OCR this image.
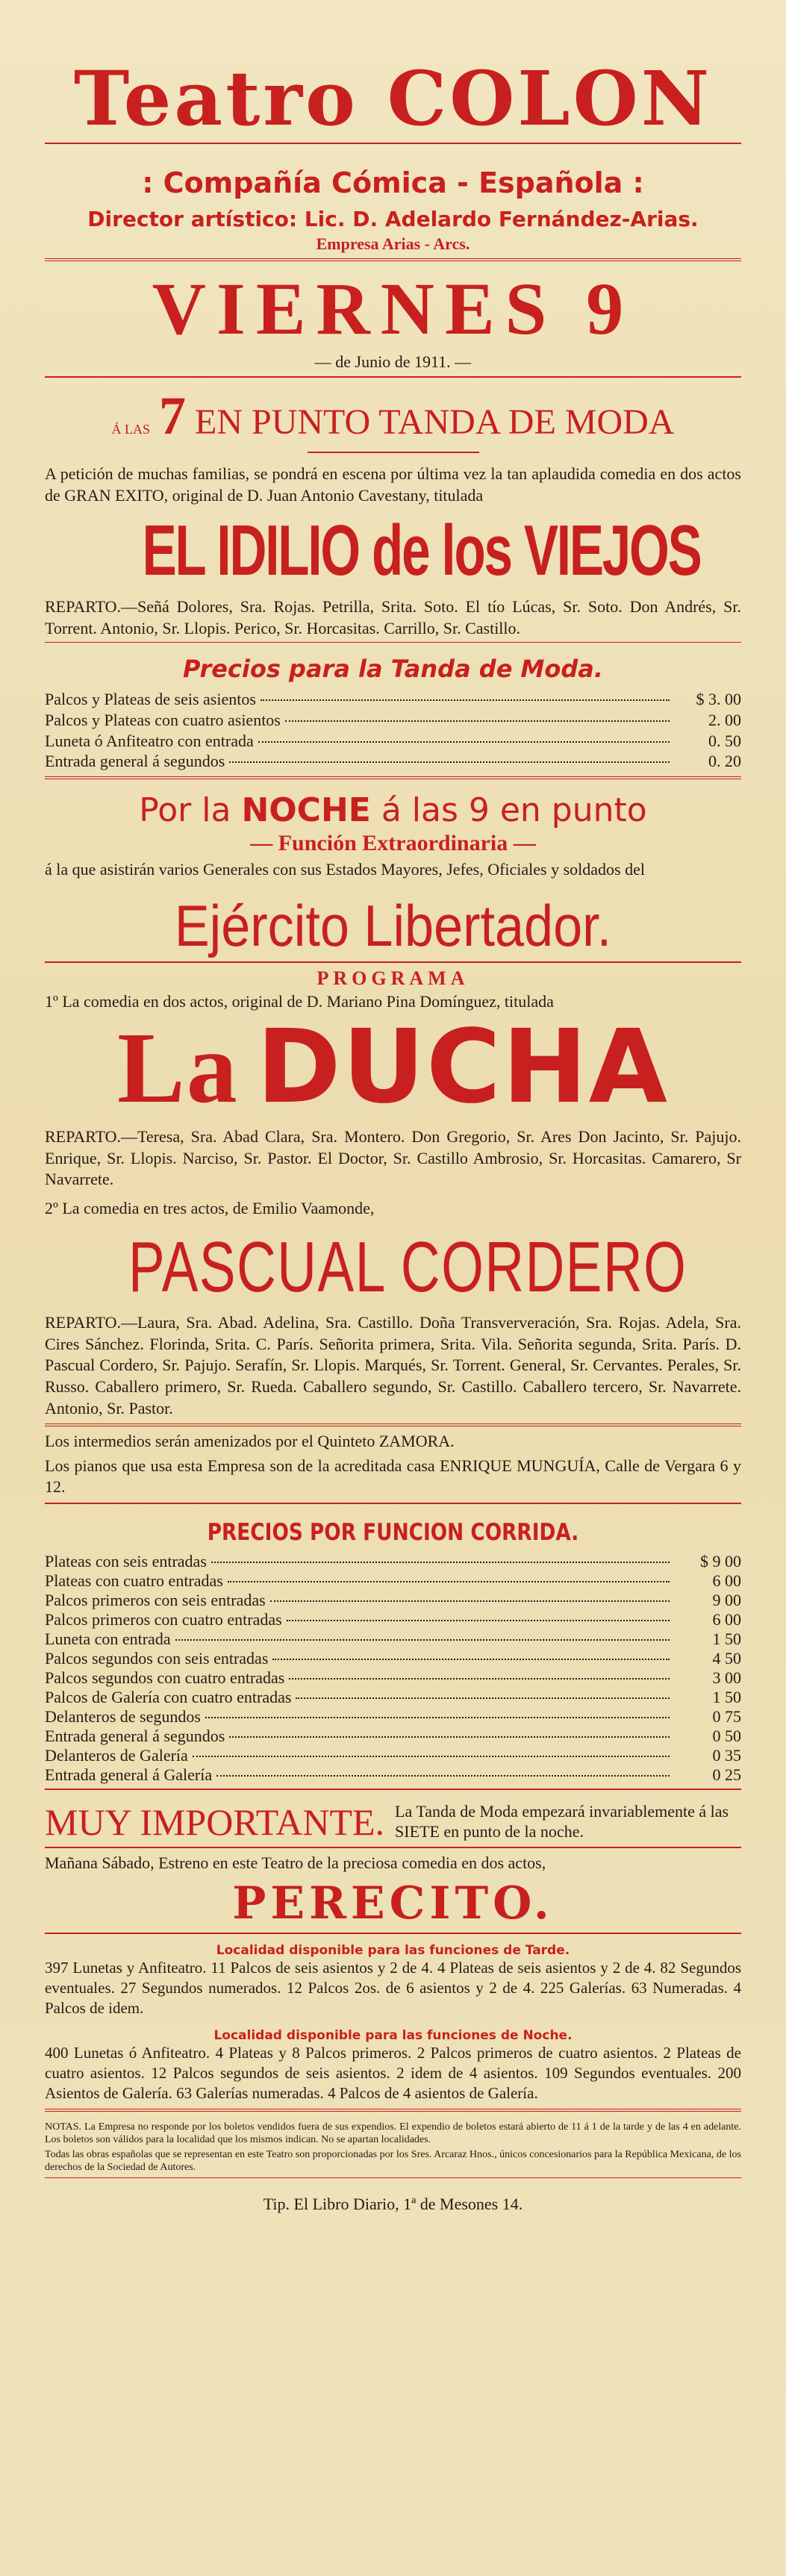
Teatro COLON
: Compañía Cómica - Española :
Director artístico: Lic. D. Adelardo Fernández-Arias.
Empresa Arias - Arcs.
VIERNES 9
— de Junio de 1911. —
Á LAS 7 EN PUNTO TANDA DE MODA
A petición de muchas familias, se pondrá en escena por última vez la tan aplaudida comedia en dos actos de GRAN EXITO, original de D. Juan Antonio Cavestany, titulada
EL IDILIO de los VIEJOS
REPARTO.—Señá Dolores, Sra. Rojas. Petrilla, Srita. Soto. El tío Lúcas, Sr. Soto. Don Andrés, Sr. Torrent. Antonio, Sr. Llopis. Perico, Sr. Horcasitas. Carrillo, Sr. Castillo.
Precios para la Tanda de Moda.
Palcos y Plateas de seis asientos	$ 3. 00
Palcos y Plateas con cuatro asientos	2. 00
Luneta ó Anfiteatro con entrada	0. 50
Entrada general á segundos	0. 20
Por la NOCHE á las 9 en punto
— Función Extraordinaria —
á la que asistirán varios Generales con sus Estados Mayores, Jefes, Oficiales y soldados del
Ejército Libertador.
PROGRAMA
1º La comedia en dos actos, original de D. Mariano Pina Domínguez, titulada
La DUCHA
REPARTO.—Teresa, Sra. Abad Clara, Sra. Montero. Don Gregorio, Sr. Ares Don Jacinto, Sr. Pajujo. Enrique, Sr. Llopis. Narciso, Sr. Pastor. El Doctor, Sr. Castillo Ambrosio, Sr. Horcasitas. Camarero, Sr Navarrete.
2º La comedia en tres actos, de Emilio Vaamonde,
PASCUAL CORDERO
REPARTO.—Laura, Sra. Abad. Adelina, Sra. Castillo. Doña Transververación, Sra. Rojas. Adela, Sra. Cires Sánchez. Florinda, Srita. C. París. Señorita primera, Srita. Vila. Señorita segunda, Srita. París. D. Pascual Cordero, Sr. Pajujo. Serafín, Sr. Llopis. Marqués, Sr. Torrent. General, Sr. Cervantes. Perales, Sr. Russo. Caballero primero, Sr. Rueda. Caballero segundo, Sr. Castillo. Caballero tercero, Sr. Navarrete. Antonio, Sr. Pastor.
Los intermedios serán amenizados por el Quinteto ZAMORA.
Los pianos que usa esta Empresa son de la acreditada casa ENRIQUE MUNGUÍA, Calle de Vergara 6 y 12.
PRECIOS POR FUNCION CORRIDA.
Plateas con seis entradas	$ 9 00
Plateas con cuatro entradas	6 00
Palcos primeros con seis entradas	9 00
Palcos primeros con cuatro entradas	6 00
Luneta con entrada	1 50
Palcos segundos con seis entradas	4 50
Palcos segundos con cuatro entradas	3 00
Palcos de Galería con cuatro entradas	1 50
Delanteros de segundos	0 75
Entrada general á segundos	0 50
Delanteros de Galería	0 35
Entrada general á Galería	0 25
MUY IMPORTANTE. La Tanda de Moda empezará invariablemente á las SIETE en punto de la noche.
Mañana Sábado, Estreno en este Teatro de la preciosa comedia en dos actos,
PERECITO.
Localidad disponible para las funciones de Tarde.
397 Lunetas y Anfiteatro. 11 Palcos de seis asientos y 2 de 4. 4 Plateas de seis asientos y 2 de 4. 82 Segundos eventuales. 27 Segundos numerados. 12 Palcos 2os. de 6 asientos y 2 de 4. 225 Galerías. 63 Numeradas. 4 Palcos de idem.
Localidad disponible para las funciones de Noche.
400 Lunetas ó Anfiteatro. 4 Plateas y 8 Palcos primeros. 2 Palcos primeros de cuatro asientos. 2 Plateas de cuatro asientos. 12 Palcos segundos de seis asientos. 2 idem de 4 asientos. 109 Segundos eventuales. 200 Asientos de Galería. 63 Galerías numeradas. 4 Palcos de 4 asientos de Galería.
NOTAS. La Empresa no responde por los boletos vendidos fuera de sus expendios. El expendio de boletos estará abierto de 11 á 1 de la tarde y de las 4 en adelante. Los boletos son válidos para la localidad que los mismos indican. No se apartan localidades.
Todas las obras españolas que se representan en este Teatro son proporcionadas por los Sres. Arcaraz Hnos., únicos concesionarios para la República Mexicana, de los derechos de la Sociedad de Autores.
Tip. El Libro Diario, 1ª de Mesones 14.
